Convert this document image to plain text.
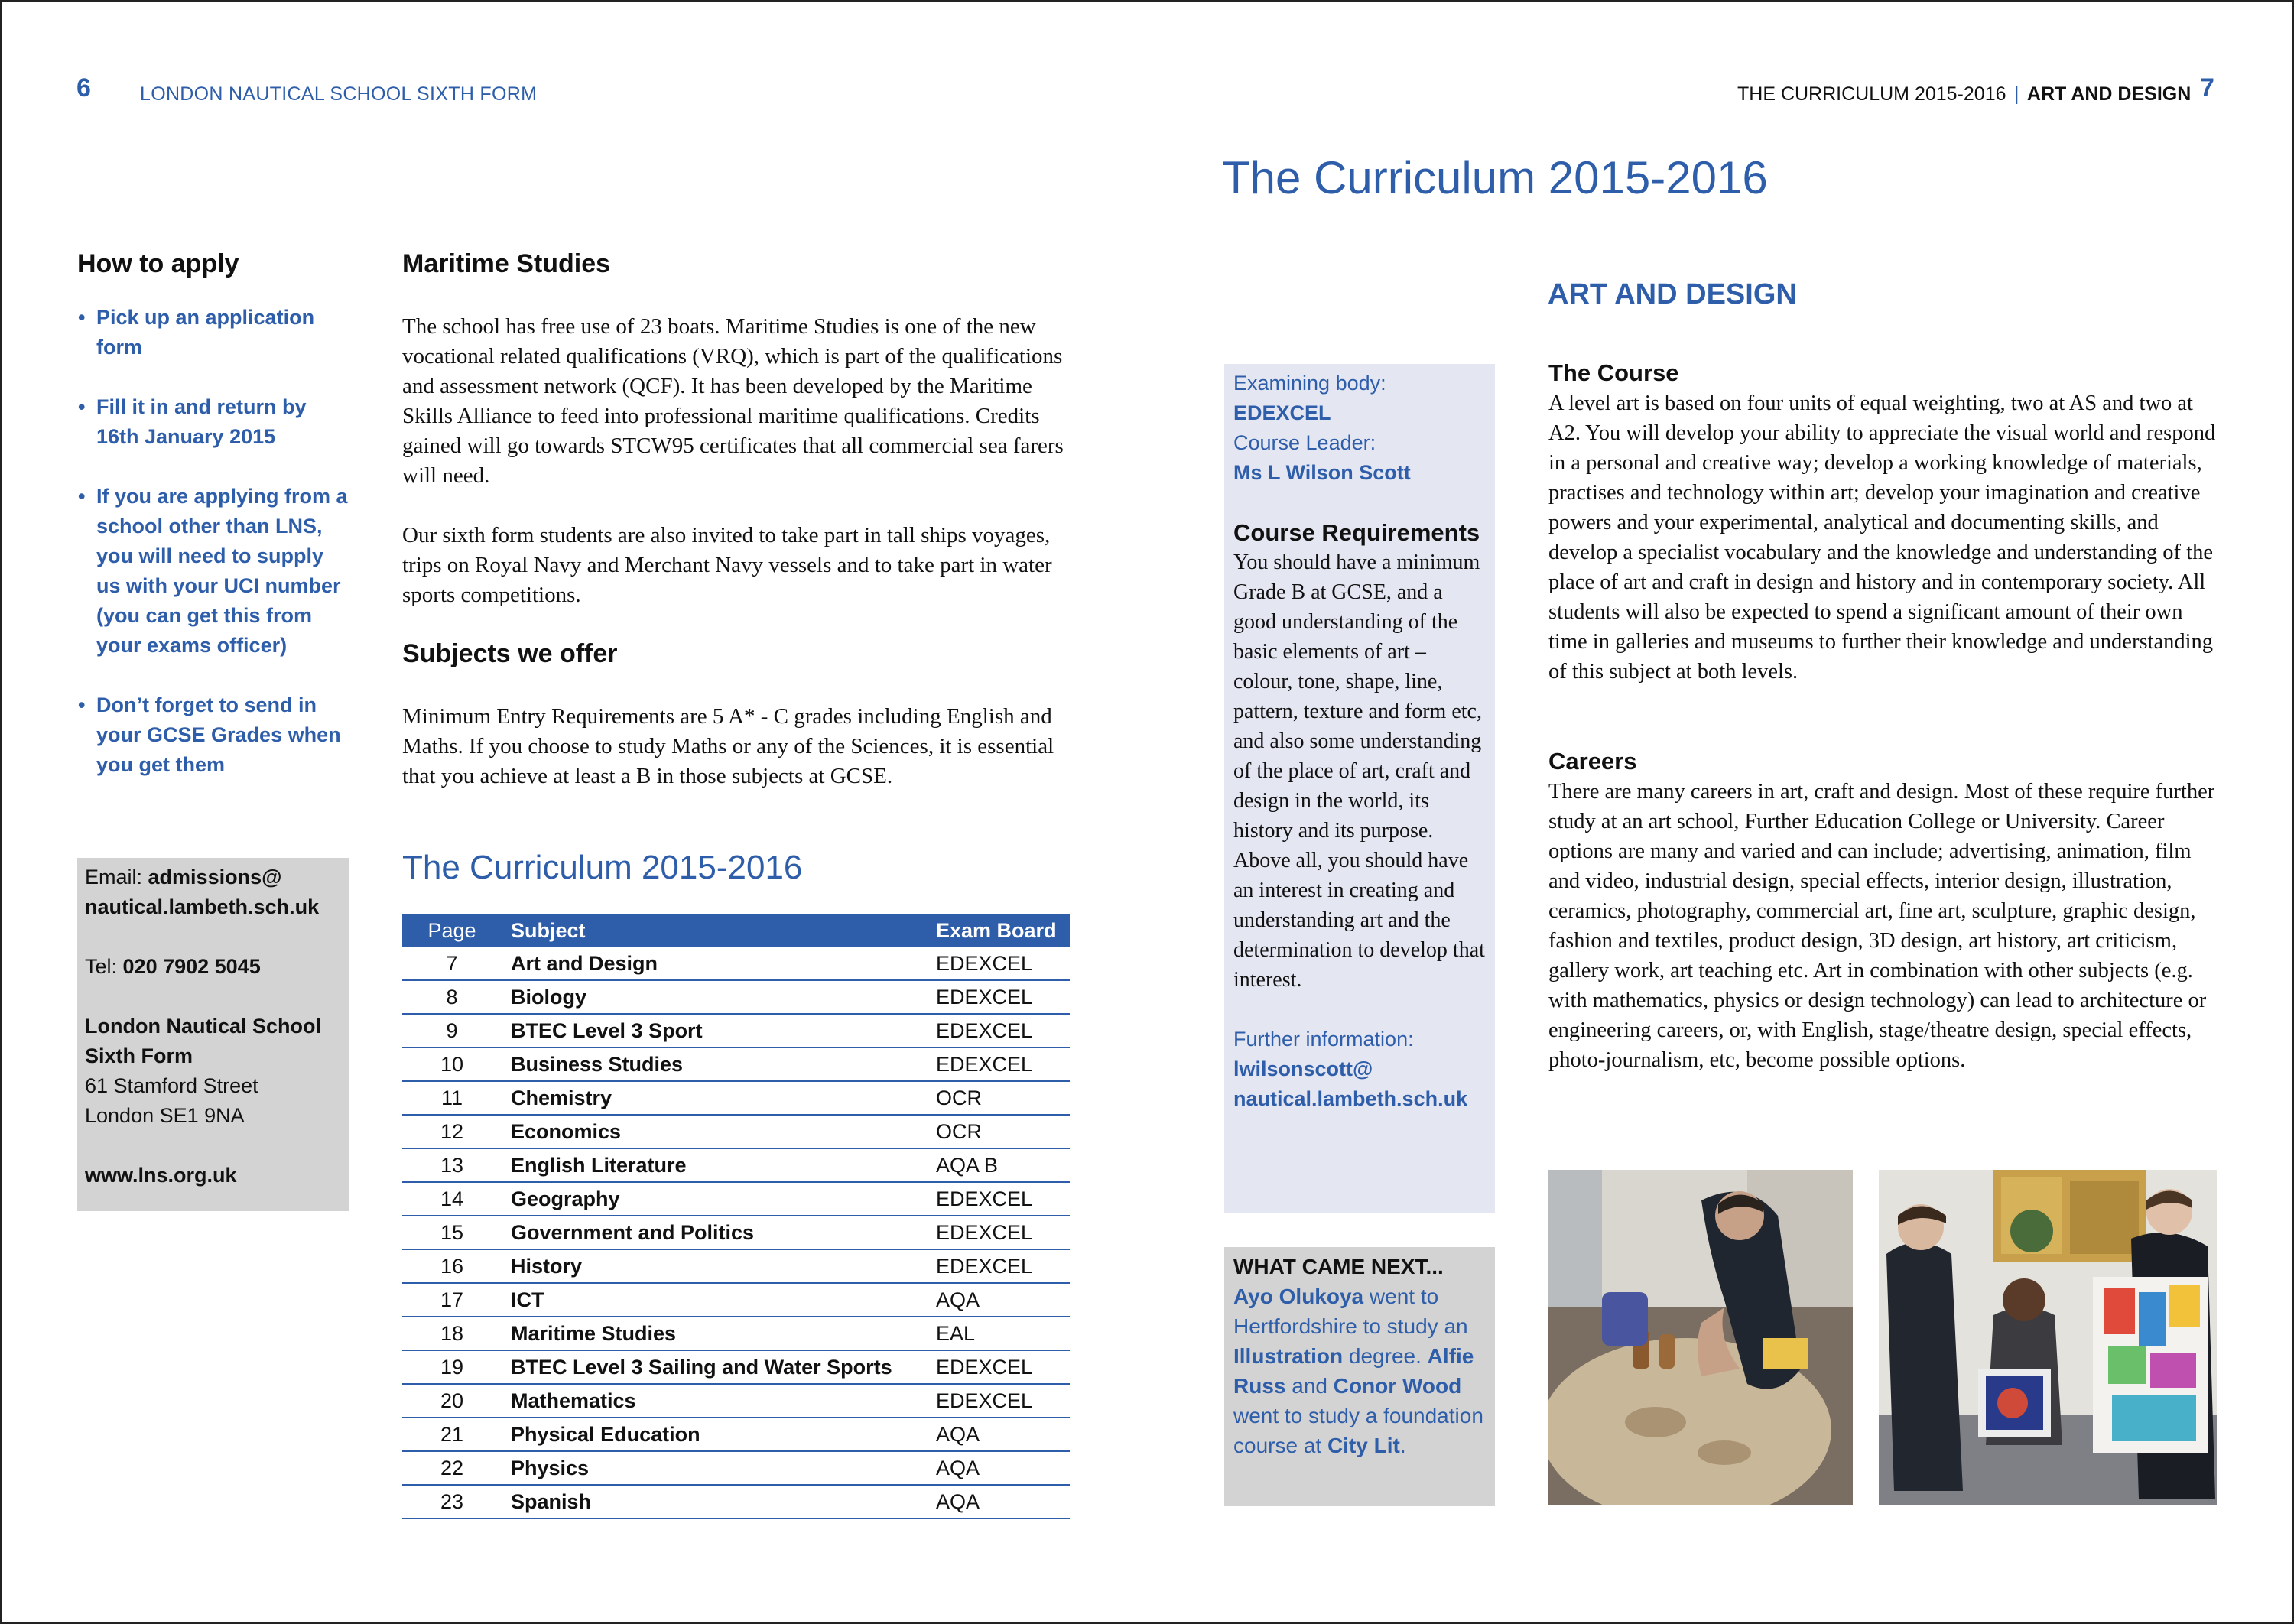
6	LONDON NAUTICAL SCHOOL SIXTH FORM
How to apply
• Pick up an application form
• Fill it in and return by 16th January 2015
• If you are applying from a school other than LNS, you will need to supply us with your UCI number (you can get this from your exams officer)
• Don’t forget to send in your GCSE Grades when you get them
Email: admissions@
nautical.lambeth.sch.uk
Tel: 020 7902 5045
London Nautical School
Sixth Form
61 Stamford Street
London SE1 9NA
www.lns.org.uk
Maritime Studies
The school has free use of 23 boats. Maritime Studies is one of the new vocational related qualifications (VRQ), which is part of the qualifications and assessment network (QCF). It has been developed by the Maritime Skills Alliance to feed into professional maritime qualifications. Credits gained will go towards STCW95 certificates that all commercial sea farers will need.
Our sixth form students are also invited to take part in tall ships voyages, trips on Royal Navy and Merchant Navy vessels and to take part in water sports competitions.
Subjects we offer
Minimum Entry Requirements are 5 A* - C grades including English and Maths. If you choose to study Maths or any of the Sciences, it is essential that you achieve at least a B in those subjects at GCSE.
The Curriculum 2015-2016
Page	Subject	Exam Board
7	Art and Design	EDEXCEL
8	Biology	EDEXCEL
9	BTEC Level 3 Sport	EDEXCEL
10	Business Studies	EDEXCEL
11	Chemistry	OCR
12	Economics	OCR
13	English Literature	AQA B
14	Geography	EDEXCEL
15	Government and Politics	EDEXCEL
16	History	EDEXCEL
17	ICT	AQA
18	Maritime Studies	EAL
19	BTEC Level 3 Sailing and Water Sports	EDEXCEL
20	Mathematics	EDEXCEL
21	Physical Education	AQA
22	Physics	AQA
23	Spanish	AQA
THE CURRICULUM 2015-2016 | ART AND DESIGN 7
The Curriculum 2015-2016
ART AND DESIGN
Examining body:
EDEXCEL
Course Leader:
Ms L Wilson Scott
Course Requirements
You should have a minimum Grade B at GCSE, and a good understanding of the basic elements of art – colour, tone, shape, line, pattern, texture and form etc, and also some understanding of the place of art, craft and design in the world, its history and its purpose. Above all, you should have an interest in creating and understanding art and the determination to develop that interest.
Further information:
lwilsonscott@
nautical.lambeth.sch.uk
WHAT CAME NEXT...
Ayo Olukoya went to Hertfordshire to study an Illustration degree. Alfie Russ and Conor Wood went to study a foundation course at City Lit.
The Course
A level art is based on four units of equal weighting, two at AS and two at A2. You will develop your ability to appreciate the visual world and respond in a personal and creative way; develop a working knowledge of materials, practises and technology within art; develop your imagination and creative powers and your experimental, analytical and documenting skills, and develop a specialist vocabulary and the knowledge and understanding of the place of art and craft in design and history and in contemporary society. All students will also be expected to spend a significant amount of their own time in galleries and museums to further their knowledge and understanding of this subject at both levels.
Careers
There are many careers in art, craft and design. Most of these require further study at an art school, Further Education College or University. Career options are many and varied and can include; advertising, animation, film and video, industrial design, special effects, interior design, illustration, ceramics, photography, commercial art, fine art, sculpture, graphic design, fashion and textiles, product design, 3D design, art history, art criticism, gallery work, art teaching etc. Art in combination with other subjects (e.g. with mathematics, physics or design technology) can lead to architecture or engineering careers, or, with English, stage/theatre design, special effects, photo-journalism, etc, become possible options.
